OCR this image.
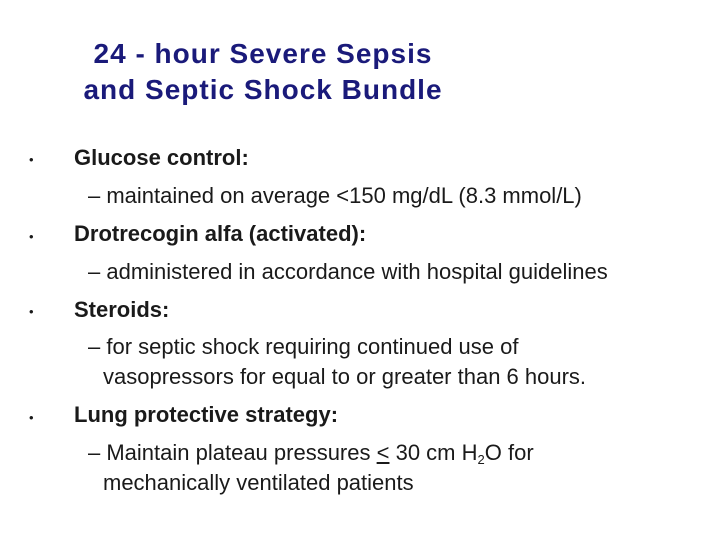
24 - hour Severe Sepsis
and Septic Shock Bundle
• Glucose control:
– maintained on average <150 mg/dL (8.3 mmol/L)
• Drotrecogin alfa (activated):
– administered in accordance with hospital guidelines
• Steroids:
– for septic shock requiring continued use of
vasopressors for equal to or greater than 6 hours.
• Lung protective strategy:
– Maintain plateau pressures ≤ 30 cm $H_2O$ for
mechanically ventilated patients
